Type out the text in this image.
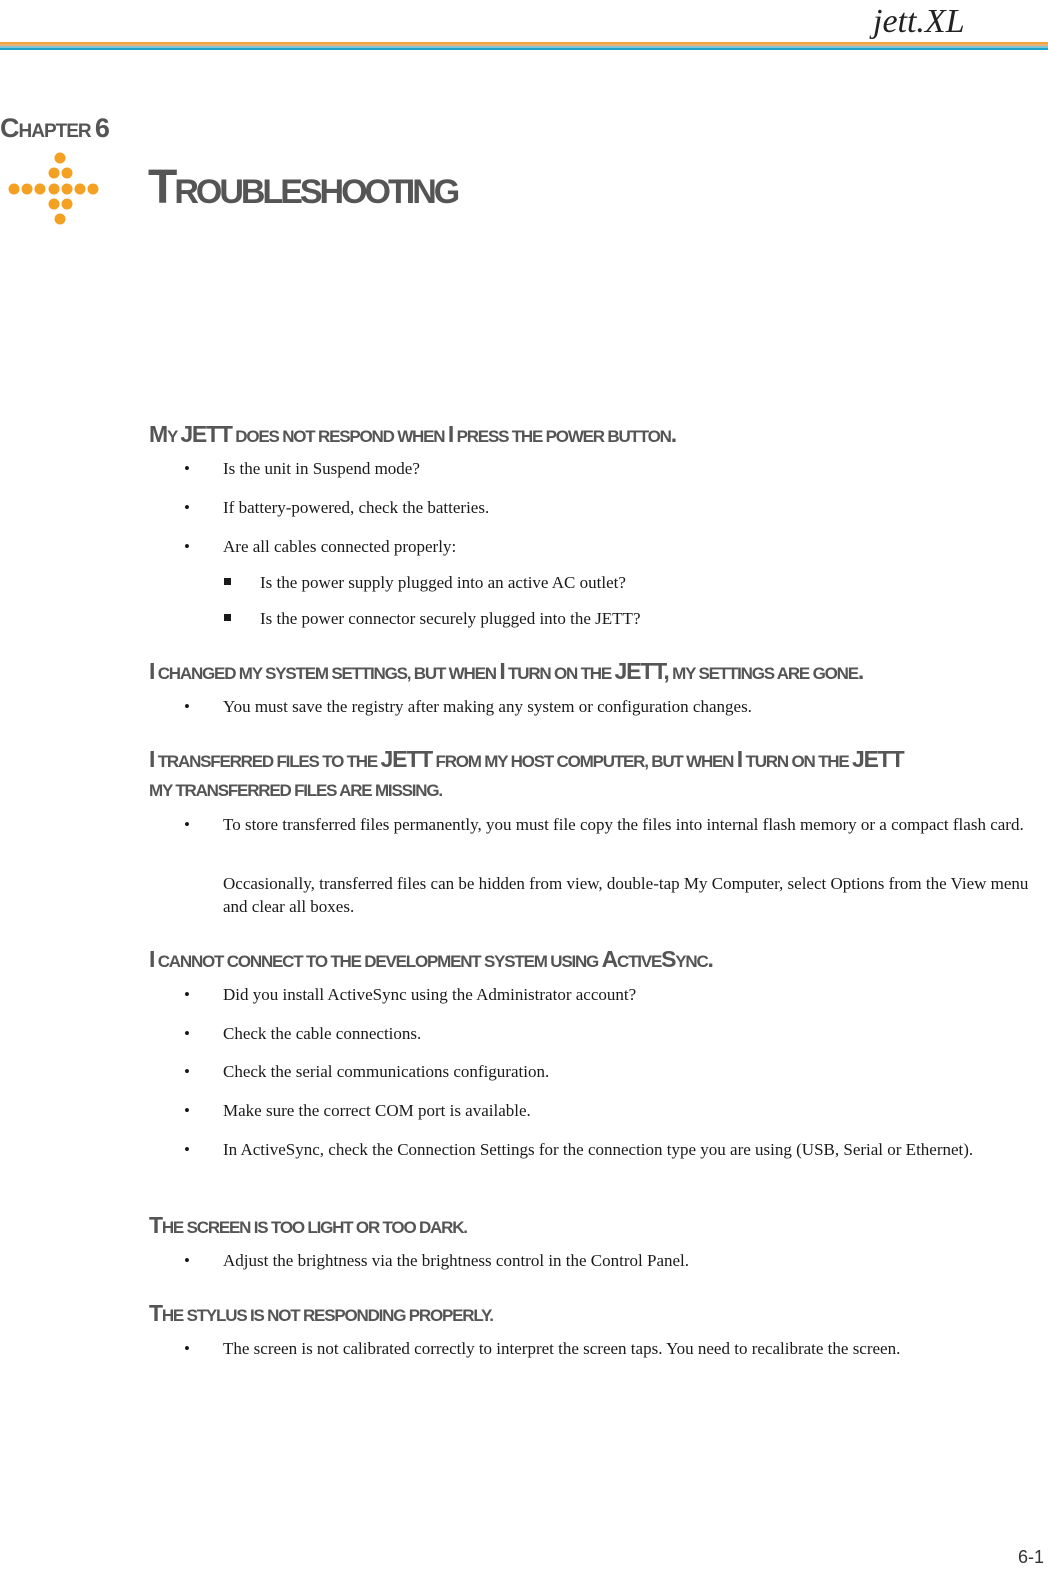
jett.XL
CHAPTER 6
TROUBLESHOOTING
MY JETT DOES NOT RESPOND WHEN I PRESS THE POWER BUTTON.
• Is the unit in Suspend mode?
• If battery-powered, check the batteries.
• Are all cables connected properly:
Is the power supply plugged into an active AC outlet?
Is the power connector securely plugged into the JETT?
I CHANGED MY SYSTEM SETTINGS, BUT WHEN I TURN ON THE JETT, MY SETTINGS ARE GONE.
• You must save the registry after making any system or configuration changes.
I TRANSFERRED FILES TO THE JETT FROM MY HOST COMPUTER, BUT WHEN I TURN ON THE JETT
MY TRANSFERRED FILES ARE MISSING.
• To store transferred files permanently, you must file copy the files into internal flash memory or a compact flash card.
Occasionally, transferred files can be hidden from view, double-tap My Computer, select Options from the View menu and clear all boxes.
I CANNOT CONNECT TO THE DEVELOPMENT SYSTEM USING ACTIVESYNC.
• Did you install ActiveSync using the Administrator account?
• Check the cable connections.
• Check the serial communications configuration.
• Make sure the correct COM port is available.
• In ActiveSync, check the Connection Settings for the connection type you are using (USB, Serial or Ethernet).
THE SCREEN IS TOO LIGHT OR TOO DARK.
• Adjust the brightness via the brightness control in the Control Panel.
THE STYLUS IS NOT RESPONDING PROPERLY.
• The screen is not calibrated correctly to interpret the screen taps. You need to recalibrate the screen.
6-1
